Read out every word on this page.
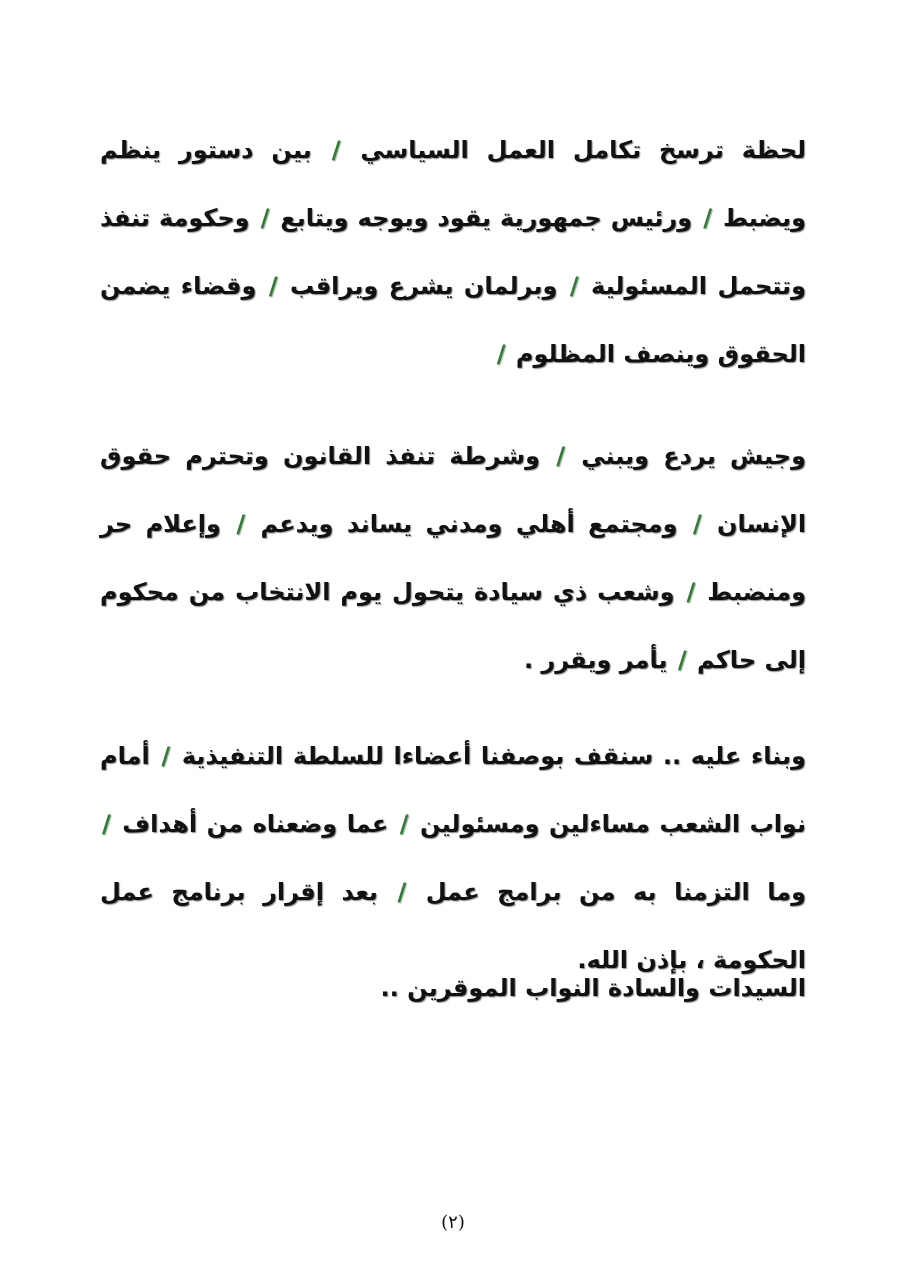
لحظة ترسخ تكامل العمل السياسي / بين دستور ينظم ويضبط / ورئيس جمهورية يقود ويوجه ويتابع / وحكومة تنفذ وتتحمل المسئولية / وبرلمان يشرع ويراقب / وقضاء يضمن الحقوق وينصف المظلوم /

وجيش يردع ويبني / وشرطة تنفذ القانون وتحترم حقوق الإنسان / ومجتمع أهلي ومدني يساند ويدعم / وإعلام حر ومنضبط / وشعب ذي سيادة يتحول يوم الانتخاب من محكوم إلى حاكم / يأمر ويقرر .

وبناء عليه .. سنقف بوصفنا أعضاءا للسلطة التنفيذية / أمام نواب الشعب مساءلين ومسئولين / عما وضعناه من أهداف / وما التزمنا به من برامج عمل / بعد إقرار برنامج عمل الحكومة ، بإذن الله.

السيدات والسادة النواب الموقرين ..

(٢)
